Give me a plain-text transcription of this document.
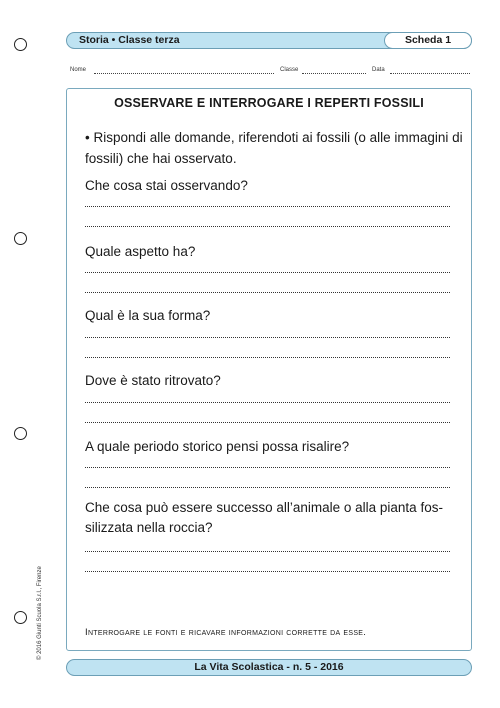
Storia • Classe terza	Scheda 1
Nome	Classe	Data
OSSERVARE E INTERROGARE I REPERTI FOSSILI
• Rispondi alle domande, riferendoti ai fossili (o alle immagini di fossili) che hai osservato.
Che cosa stai osservando?
Quale aspetto ha?
Qual è la sua forma?
Dove è stato ritrovato?
A quale periodo storico pensi possa risalire?
Che cosa può essere successo all’animale o alla pianta fos-silizzata nella roccia?
Interrogare le fonti e ricavare informazioni corrette da esse.
© 2016 Giunti Scuola S.r.l., Firenze
La Vita Scolastica - n. 5 - 2016
